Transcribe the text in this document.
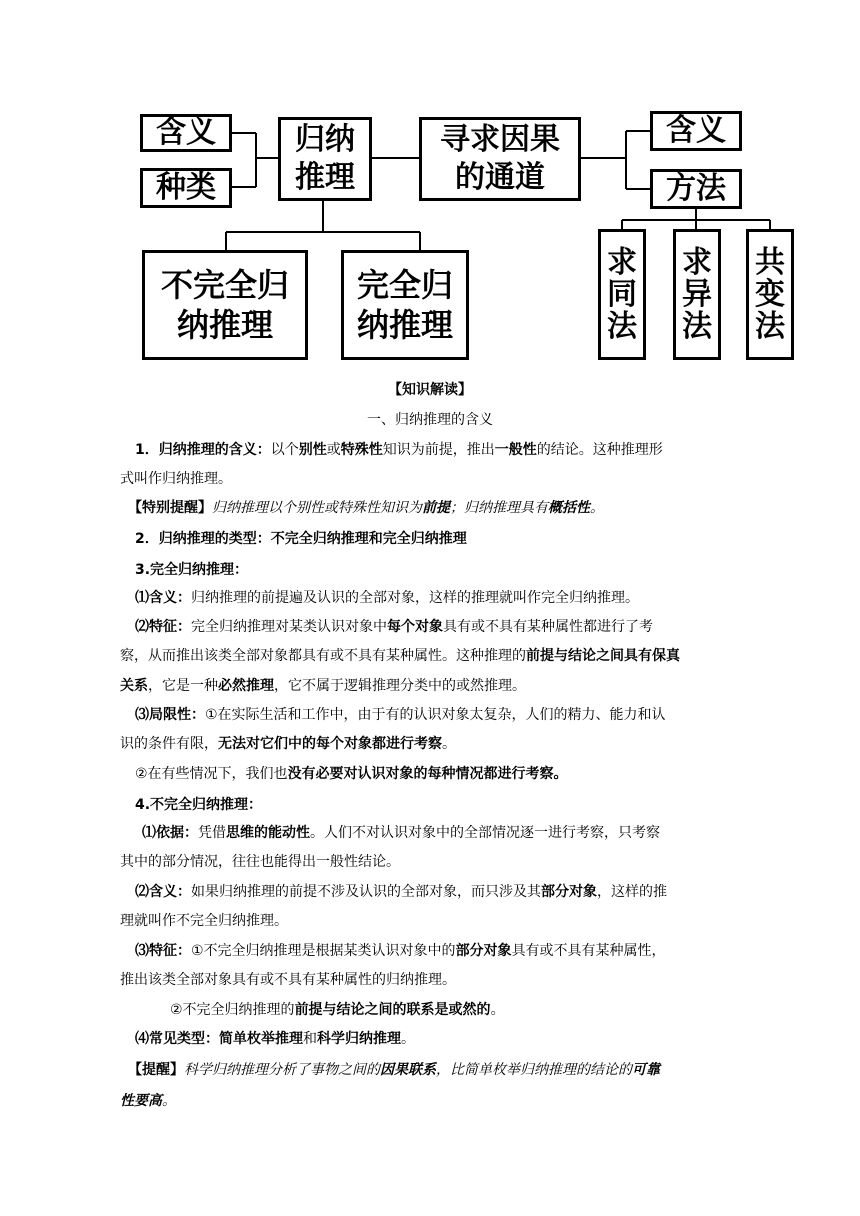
含义
种类
归纳
推理
寻求因果
的通道
含义
方法
不完全归
纳推理
完全归
纳推理
求
同
法
求
异
法
共
变
法
【知识解读】
一、归纳推理的含义
1．归纳推理的含义：以个别性或特殊性知识为前提，推出一般性的结论。这种推理形
式叫作归纳推理。
【特别提醒】归纳推理以个别性或特殊性知识为前提；归纳推理具有概括性。
2．归纳推理的类型：不完全归纳推理和完全归纳推理
3.完全归纳推理：
⑴含义：归纳推理的前提遍及认识的全部对象，这样的推理就叫作完全归纳推理。
⑵特征：完全归纳推理对某类认识对象中每个对象具有或不具有某种属性都进行了考
察，从而推出该类全部对象都具有或不具有某种属性。这种推理的前提与结论之间具有保真
关系，它是一种必然推理，它不属于逻辑推理分类中的或然推理。
⑶局限性：①在实际生活和工作中，由于有的认识对象太复杂，人们的精力、能力和认
识的条件有限，无法对它们中的每个对象都进行考察。
②在有些情况下，我们也没有必要对认识对象的每种情况都进行考察。
4.不完全归纳推理：
⑴依据：凭借思维的能动性。人们不对认识对象中的全部情况逐一进行考察，只考察
其中的部分情况，往往也能得出一般性结论。
⑵含义：如果归纳推理的前提不涉及认识的全部对象，而只涉及其部分对象，这样的推
理就叫作不完全归纳推理。
⑶特征：①不完全归纳推理是根据某类认识对象中的部分对象具有或不具有某种属性，
推出该类全部对象具有或不具有某种属性的归纳推理。
②不完全归纳推理的前提与结论之间的联系是或然的。
⑷常见类型：简单枚举推理和科学归纳推理。
【提醒】科学归纳推理分析了事物之间的因果联系，比简单枚举归纳推理的结论的可靠
性要高。
